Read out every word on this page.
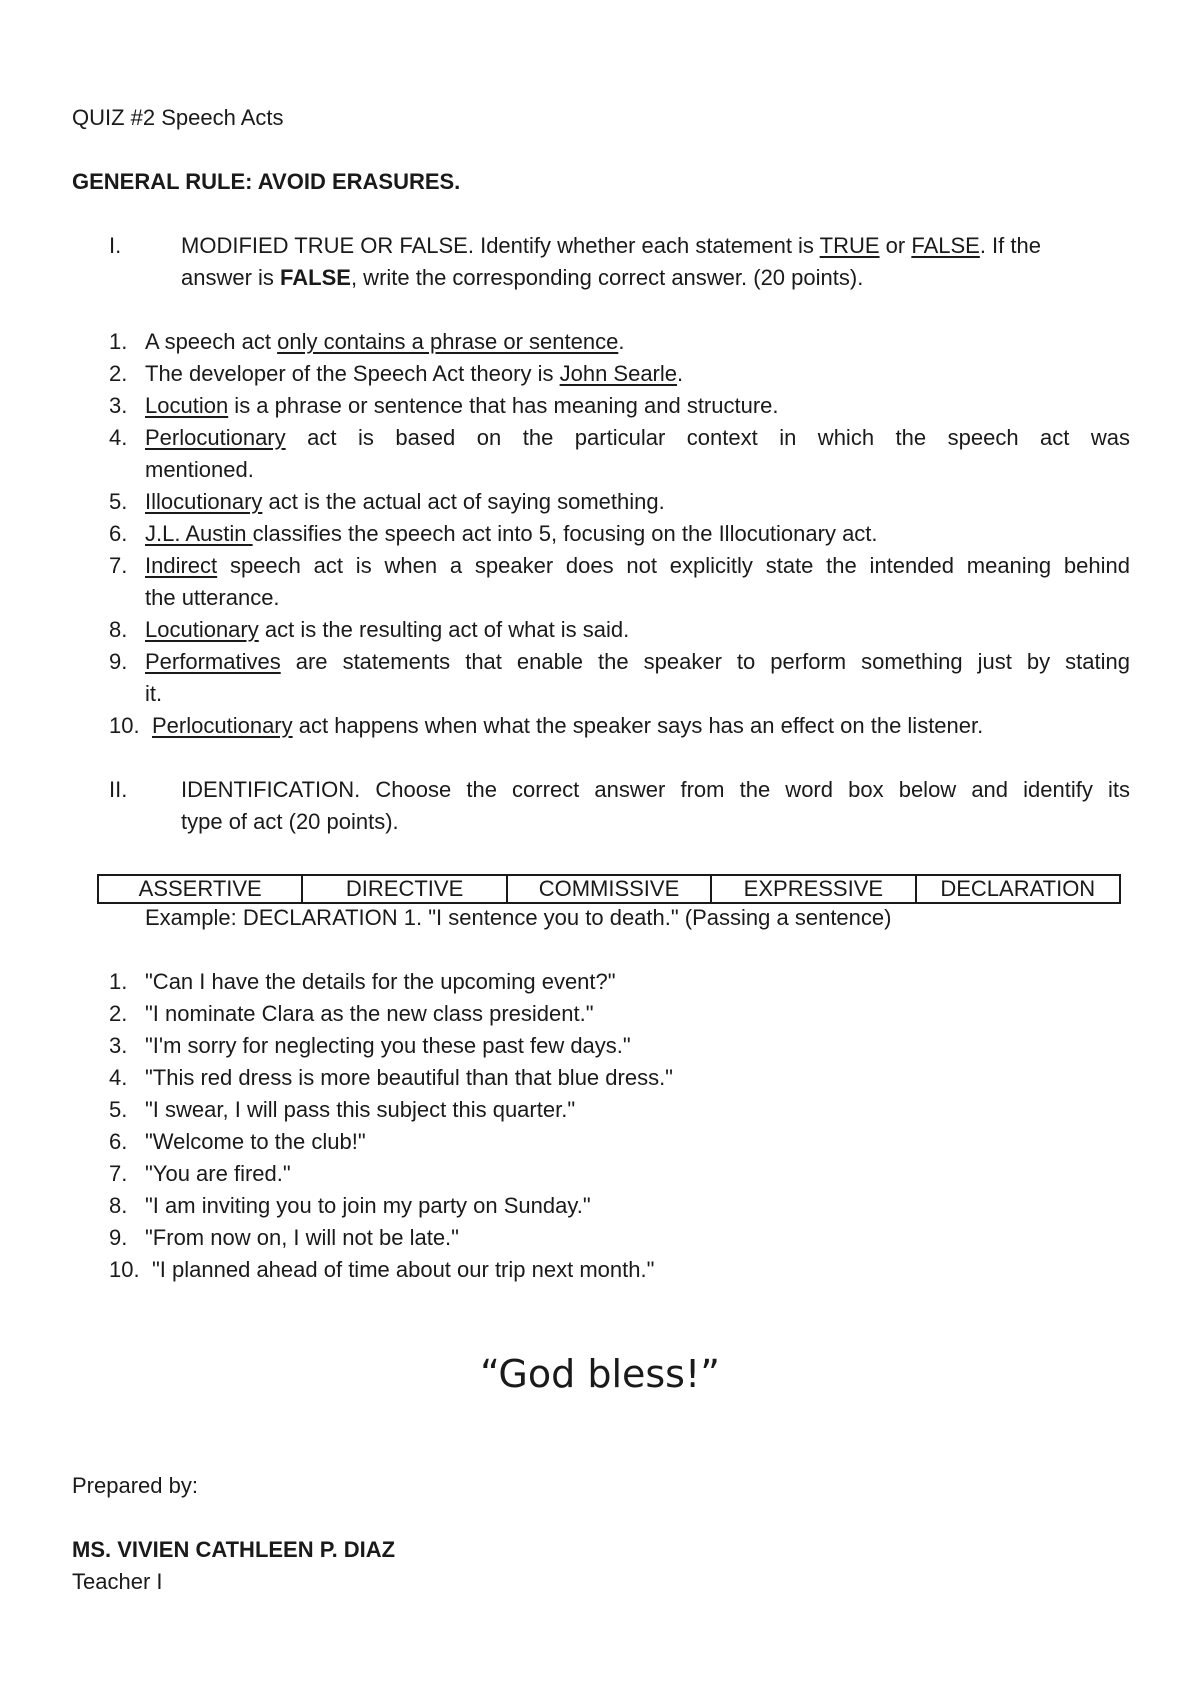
QUIZ #2 Speech Acts
GENERAL RULE: AVOID ERASURES.
I.	MODIFIED TRUE OR FALSE. Identify whether each statement is TRUE or FALSE. If the
answer is FALSE, write the corresponding correct answer. (20 points).
1. A speech act only contains a phrase or sentence.
2. The developer of the Speech Act theory is John Searle.
3. Locution is a phrase or sentence that has meaning and structure.
4. Perlocutionary act is based on the particular context in which the speech act was
mentioned.
5. Illocutionary act is the actual act of saying something.
6. J.L. Austin classifies the speech act into 5, focusing on the Illocutionary act.
7. Indirect speech act is when a speaker does not explicitly state the intended meaning behind
the utterance.
8. Locutionary act is the resulting act of what is said.
9. Performatives are statements that enable the speaker to perform something just by stating
it.
10. Perlocutionary act happens when what the speaker says has an effect on the listener.
II. IDENTIFICATION. Choose the correct answer from the word box below and identify its
type of act (20 points).
ASSERTIVE	DIRECTIVE	COMMISSIVE	EXPRESSIVE	DECLARATION
Example: DECLARATION 1. "I sentence you to death." (Passing a sentence)
1. "Can I have the details for the upcoming event?"
2. "I nominate Clara as the new class president."
3. "I'm sorry for neglecting you these past few days."
4. "This red dress is more beautiful than that blue dress."
5. "I swear, I will pass this subject this quarter."
6. "Welcome to the club!"
7. "You are fired."
8. "I am inviting you to join my party on Sunday."
9. "From now on, I will not be late."
10. "I planned ahead of time about our trip next month."
“God bless!”
Prepared by:
MS. VIVIEN CATHLEEN P. DIAZ
Teacher I
